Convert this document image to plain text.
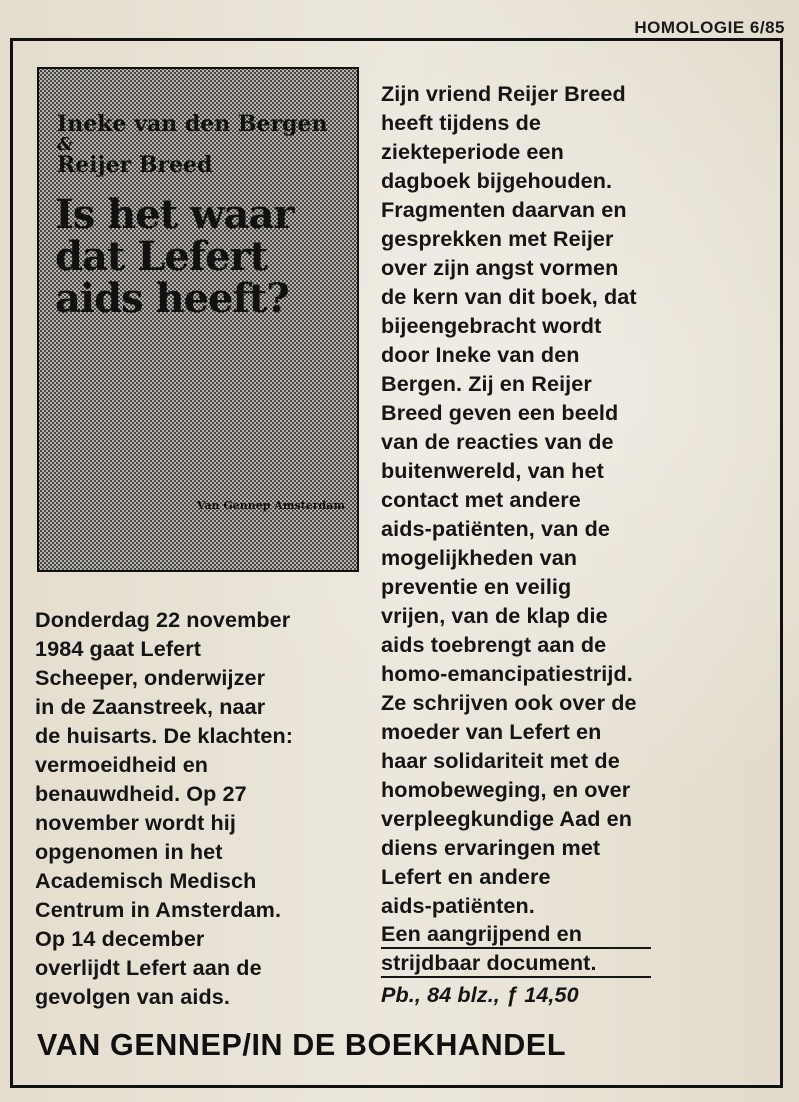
HOMOLOGIE 6/85
Ineke van den Bergen
&
Reijer Breed
Is het waar
dat Lefert
aids heeft?
Van Gennep Amsterdam
Zijn vriend Reijer Breed
heeft tijdens de
ziekteperiode een
dagboek bijgehouden.
Fragmenten daarvan en
gesprekken met Reijer
over zijn angst vormen
de kern van dit boek, dat
bijeengebracht wordt
door Ineke van den
Bergen. Zij en Reijer
Breed geven een beeld
van de reacties van de
buitenwereld, van het
contact met andere
aids-patiënten, van de
mogelijkheden van
preventie en veilig
vrijen, van de klap die
aids toebrengt aan de
homo-emancipatiestrijd.
Ze schrijven ook over de
moeder van Lefert en
haar solidariteit met de
homobeweging, en over
verpleegkundige Aad en
diens ervaringen met
Lefert en andere
aids-patiënten.
Een aangrijpend en
strijdbaar document.
Pb., 84 blz., ƒ 14,50
Donderdag 22 november
1984 gaat Lefert
Scheeper, onderwijzer
in de Zaanstreek, naar
de huisarts. De klachten:
vermoeidheid en
benauwdheid. Op 27
november wordt hij
opgenomen in het
Academisch Medisch
Centrum in Amsterdam.
Op 14 december
overlijdt Lefert aan de
gevolgen van aids.
VAN GENNEP/IN DE BOEKHANDEL
